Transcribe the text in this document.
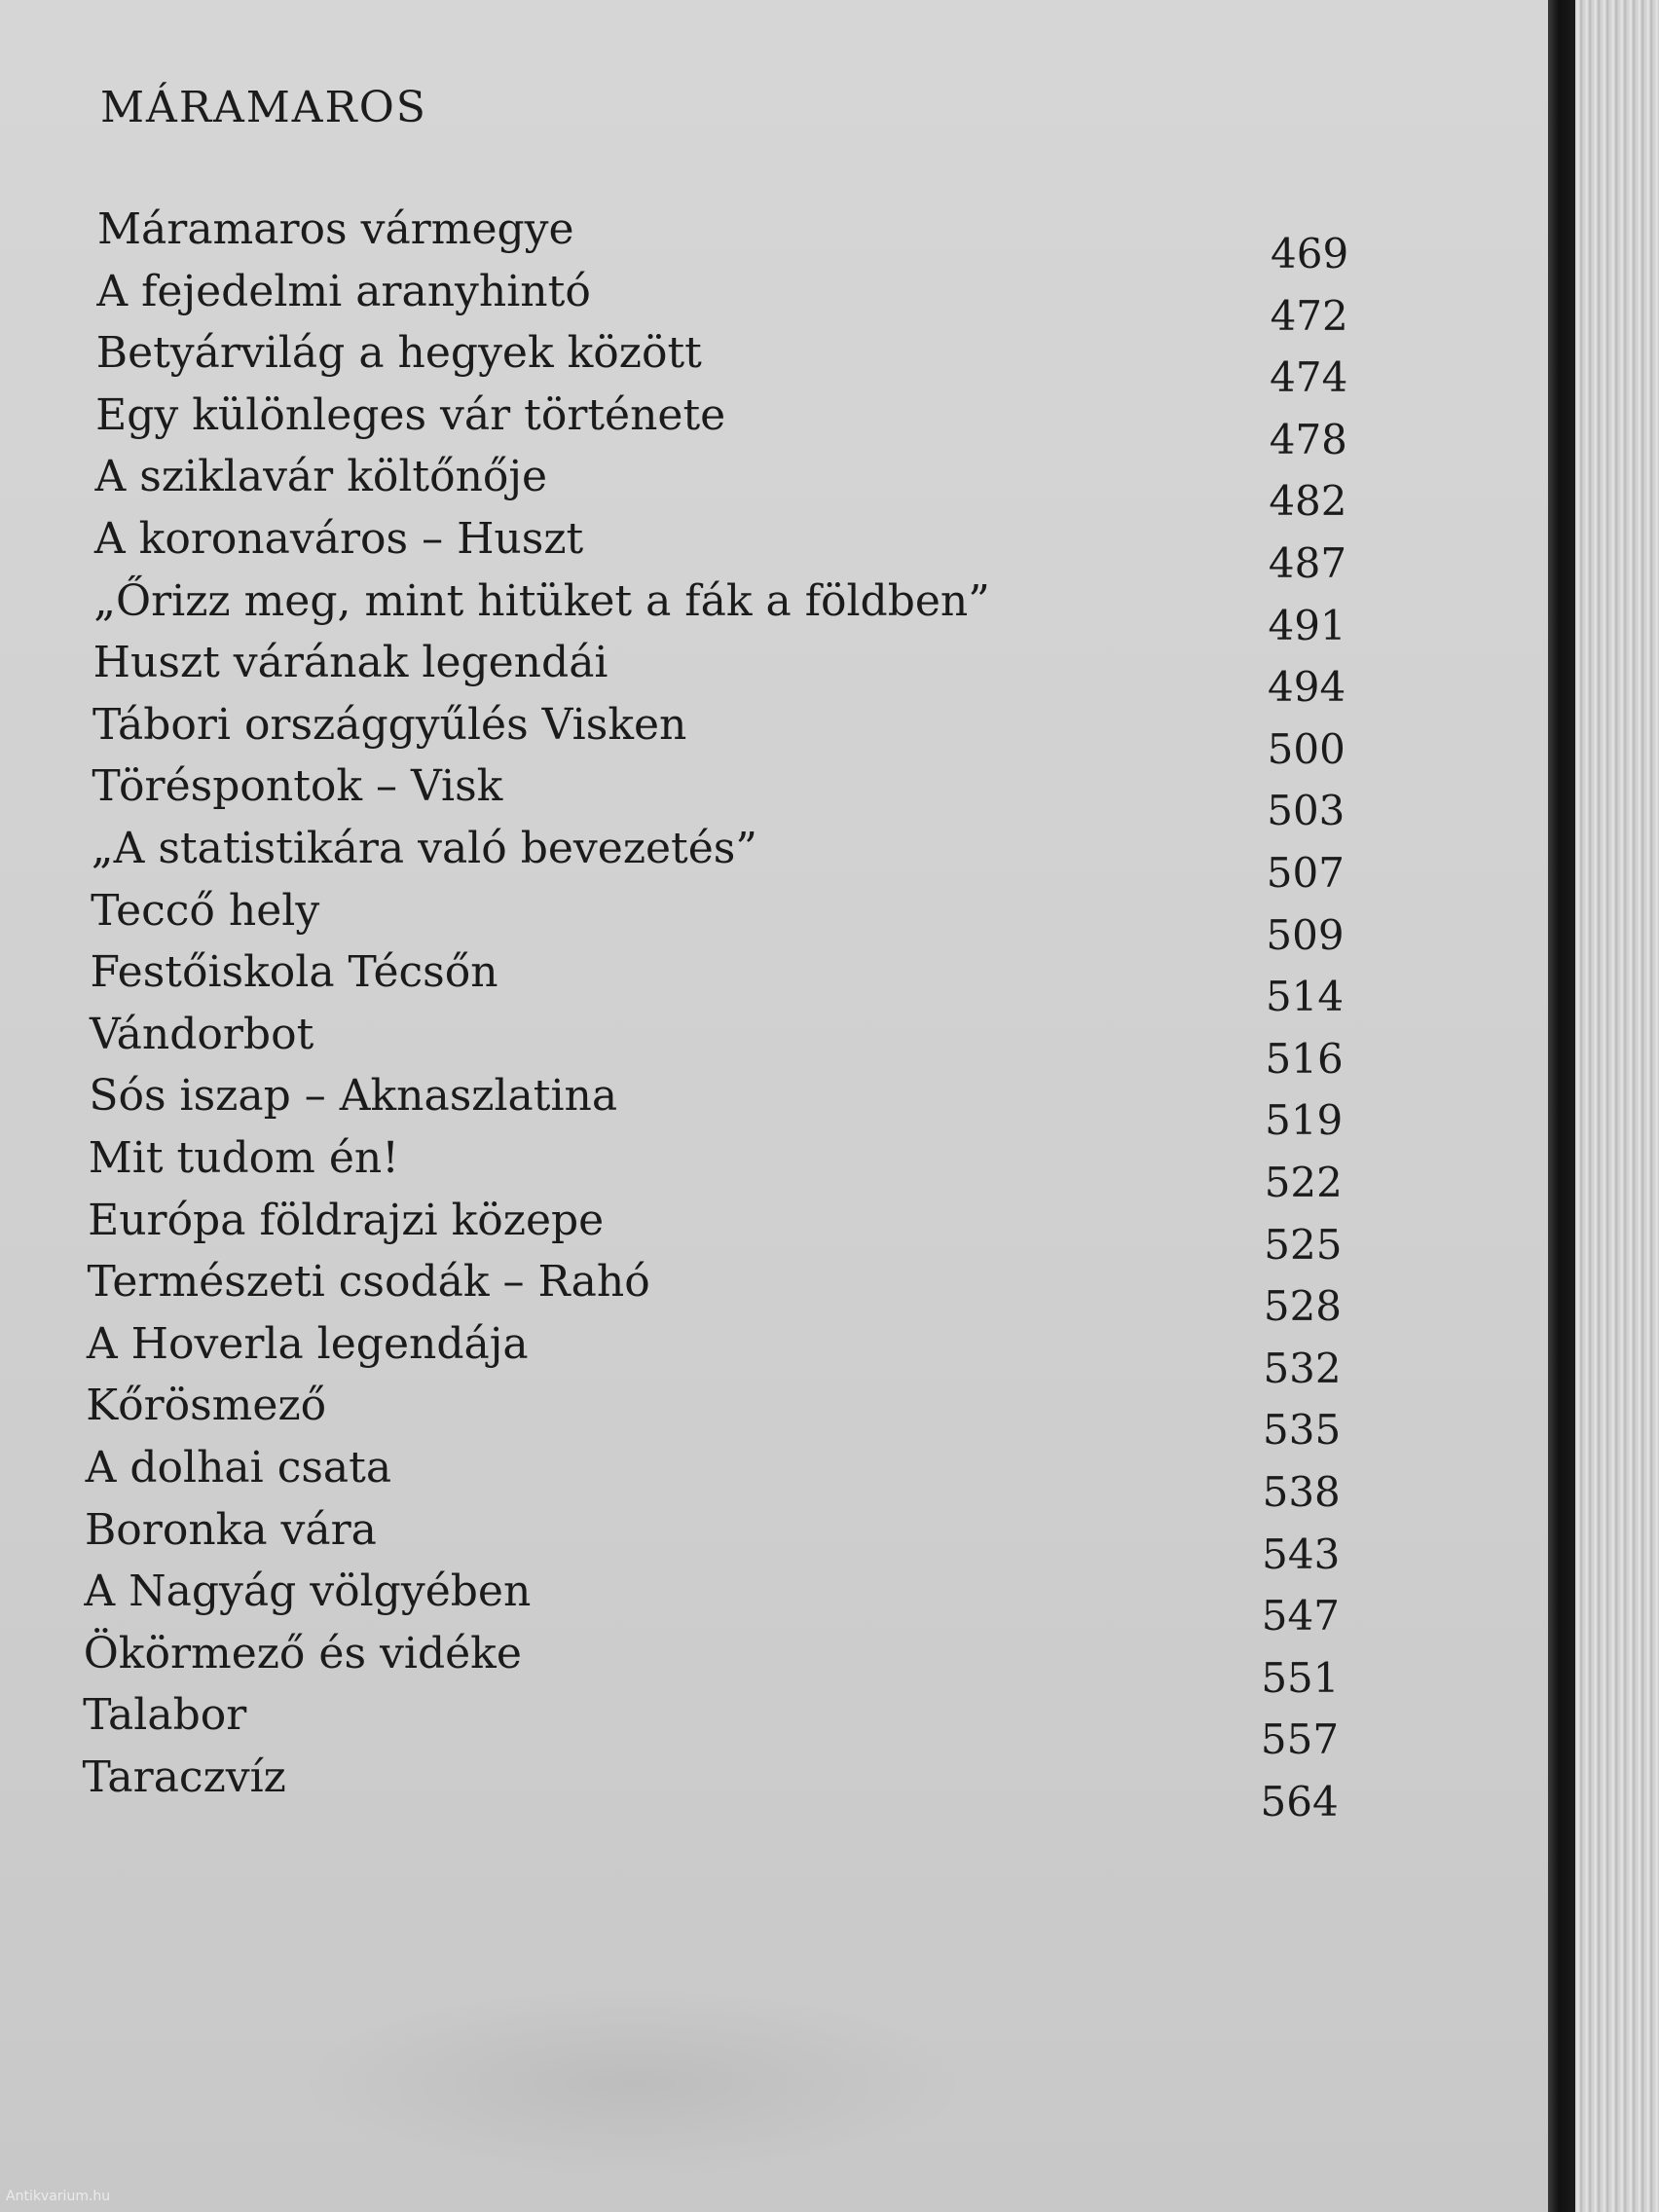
MÁRAMAROS
Máramaros vármegye	469
A fejedelmi aranyhintó	472
Betyárvilág a hegyek között	474
Egy különleges vár története	478
A sziklavár költőnője	482
A koronaváros – Huszt	487
„Őrizz meg, mint hitüket a fák a földben”	491
Huszt várának legendái	494
Tábori országgyűlés Visken	500
Töréspontok – Visk	503
„A statistikára való bevezetés”	507
Teccő hely	509
Festőiskola Técsőn	514
Vándorbot	516
Sós iszap – Aknaszlatina	519
Mit tudom én!	522
Európa földrajzi közepe	525
Természeti csodák – Rahó	528
A Hoverla legendája	532
Kőrösmező	535
A dolhai csata	538
Boronka vára	543
A Nagyág völgyében	547
Ökörmező és vidéke	551
Talabor	557
Taraczvíz	564
Antikvarium.hu
